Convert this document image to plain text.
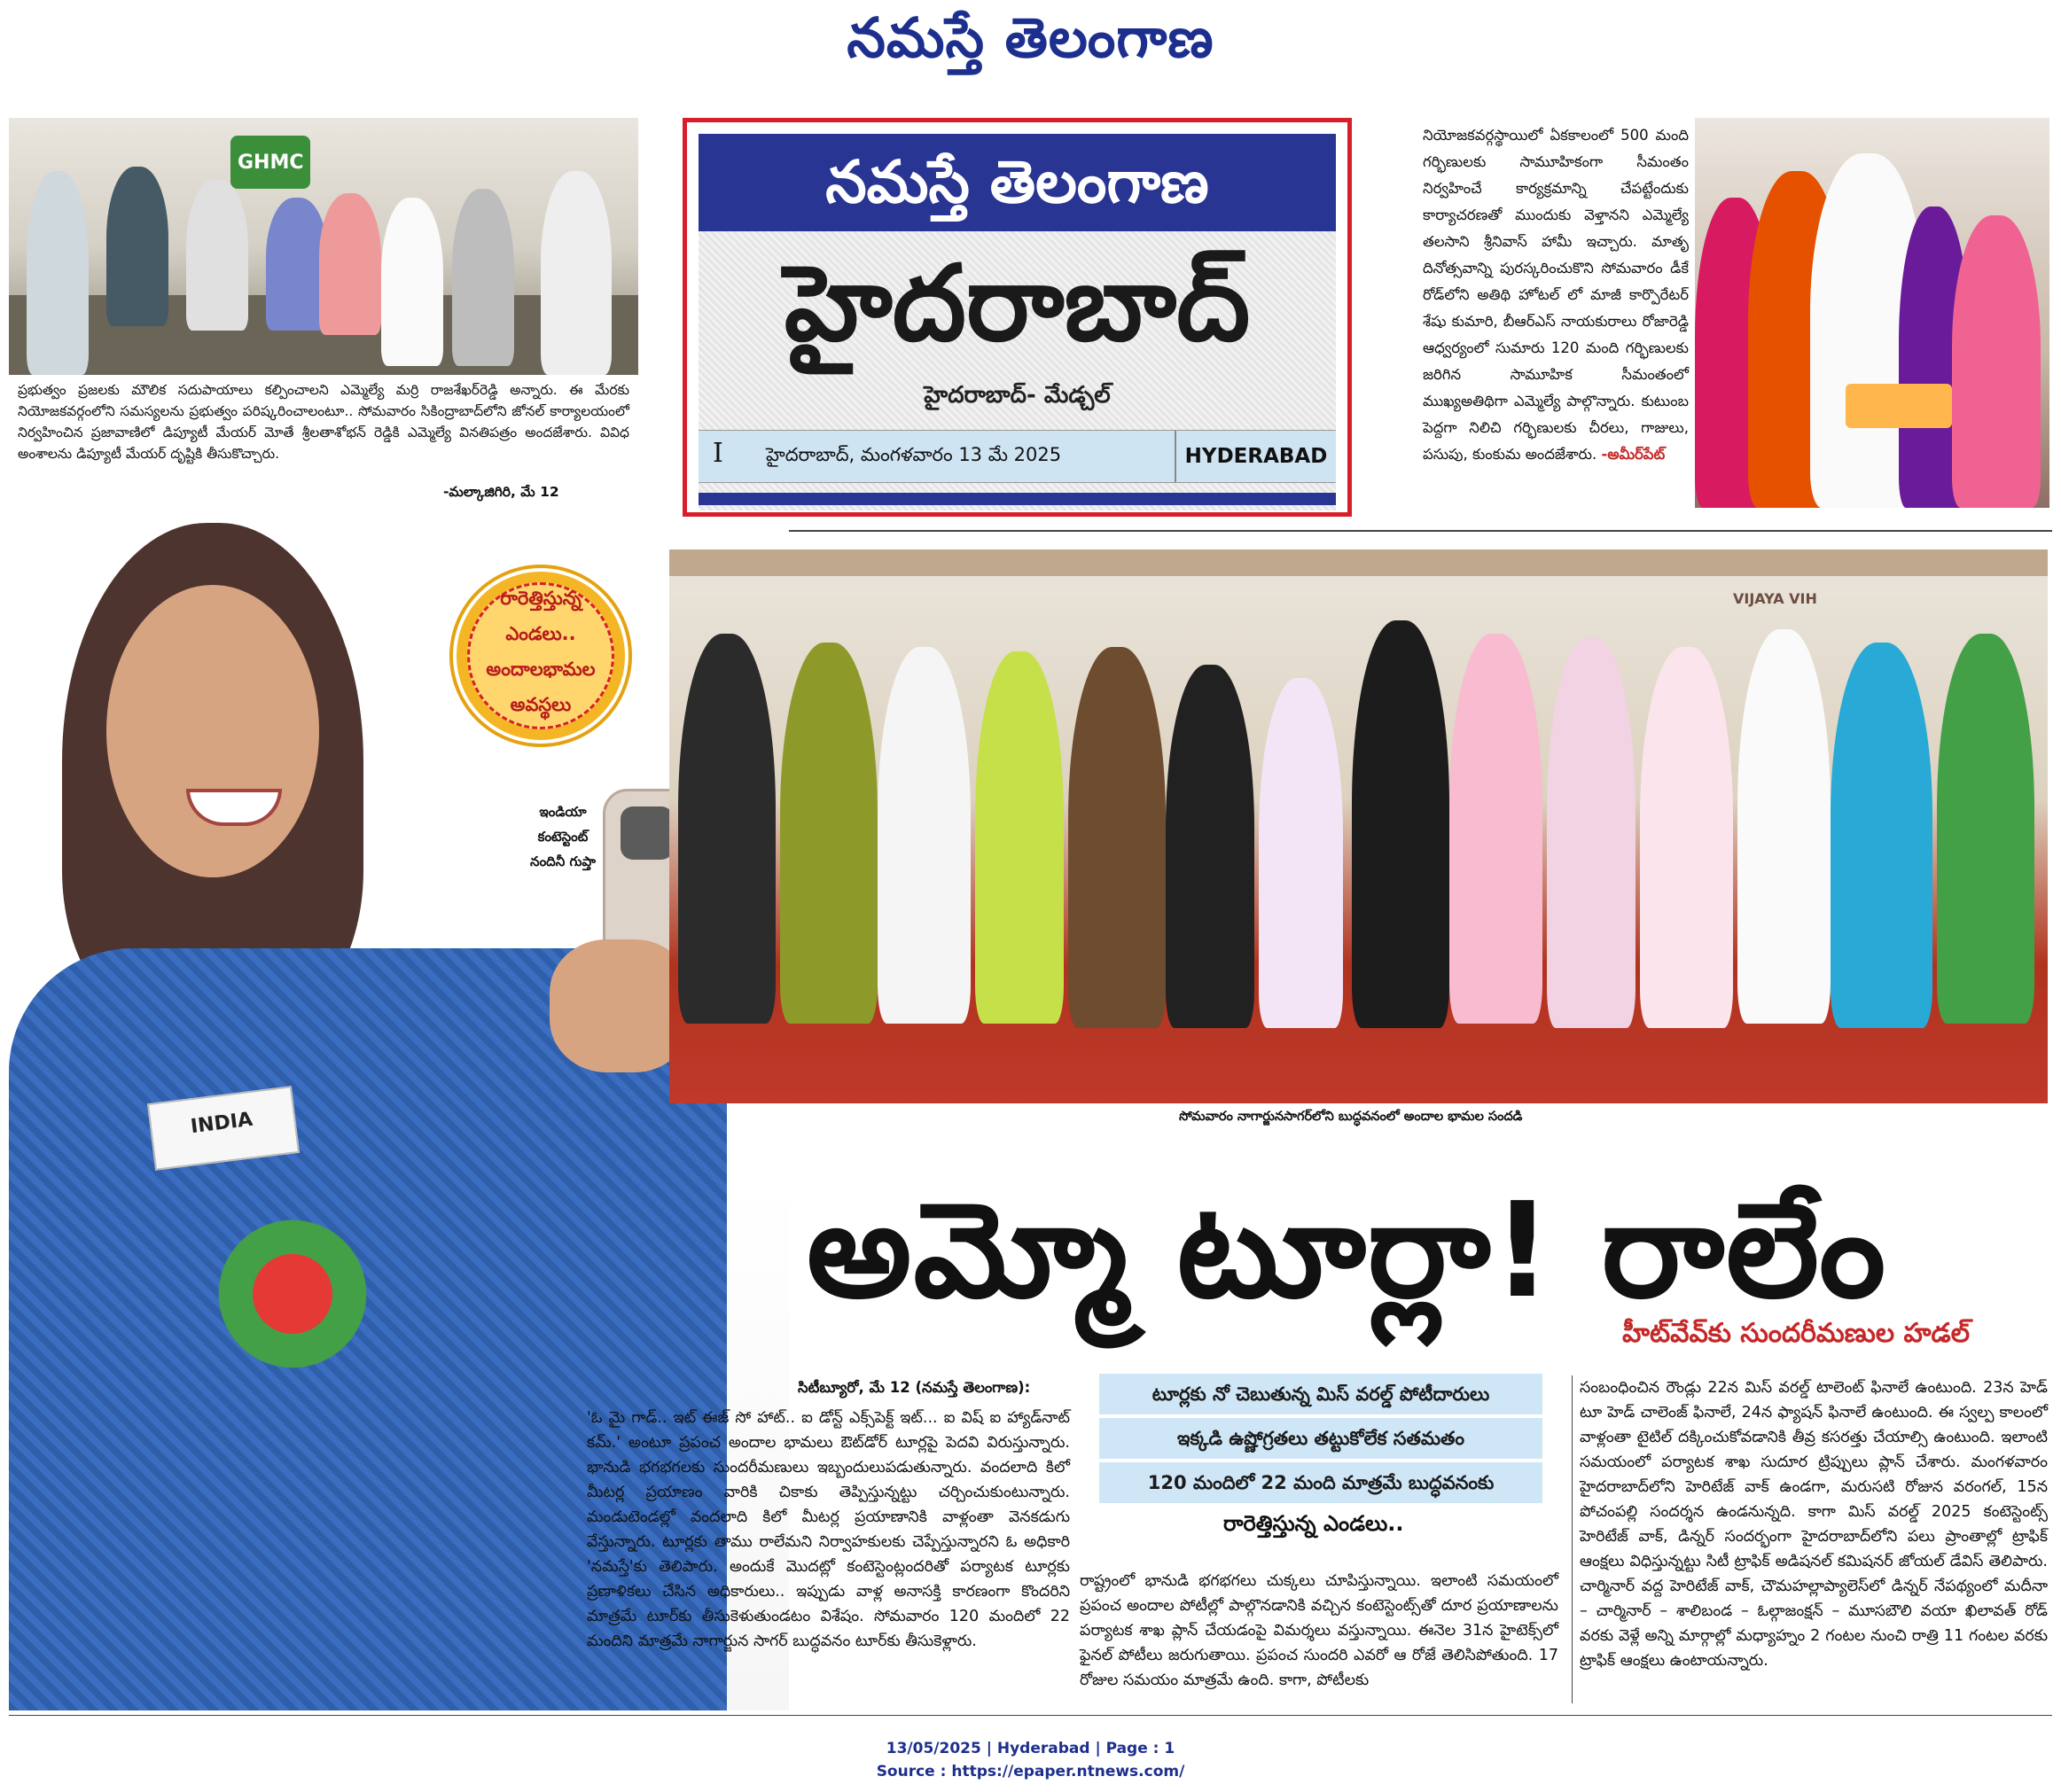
నమస్తే తెలంగాణ
GHMC
ప్రభుత్వం ప్రజలకు మౌలిక సదుపాయాలు కల్పించాలని ఎమ్మెల్యే మర్రి రాజశేఖర్‌రెడ్డి అన్నారు. ఈ మేరకు నియోజకవర్గంలోని సమస్యలను ప్రభుత్వం పరిష్కరించాలంటూ.. సోమవారం సికింద్రాబాద్‌లోని జోనల్ కార్యాలయంలో నిర్వహించిన ప్రజావాణిలో డిప్యూటీ మేయర్ మోతే శ్రీలతాశోభన్ రెడ్డికి ఎమ్మెల్యే వినతిపత్రం అందజేశారు. వివిధ అంశాలను డిప్యూటీ మేయర్ దృష్టికి తీసుకొచ్చారు.
-మల్కాజిగిరి, మే 12
నమస్తే తెలంగాణ
హైదరాబాద్
హైదరాబాద్- మేడ్చల్
I హైదరాబాద్, మంగళవారం 13 మే 2025	HYDERABAD
నియోజకవర్గస్థాయిలో ఏకకాలంలో 500 మంది గర్భిణులకు సామూహికంగా సీమంతం నిర్వహించే కార్యక్రమాన్ని చేపట్టేందుకు కార్యాచరణతో ముందుకు వెళ్తానని ఎమ్మెల్యే తలసాని శ్రీనివాస్ హామీ ఇచ్చారు. మాతృ దినోత్సవాన్ని పురస్కరించుకొని సోమవారం డీకే రోడ్‌లోని అతిథి హోటల్ లో మాజీ కార్పొరేటర్ శేషు కుమారి, బీఆర్‌ఎస్ నాయకురాలు రోజారెడ్డి ఆధ్వర్యంలో సుమారు 120 మంది గర్భిణులకు జరిగిన సామూహిక సీమంతంలో ముఖ్యఅతిథిగా ఎమ్మెల్యే పాల్గొన్నారు. కుటుంబ పెద్దగా నిలిచి గర్భిణులకు చీరలు, గాజులు, పసుపు, కుంకుమ అందజేశారు. -అమీర్‌పేట్
INDIA
ఇండియా
కంటెస్టెంట్
నందినీ గుప్తా
రారెత్తిస్తున్న
ఎండలు..
అందాలభామల
అవస్థలు
VIJAYA VIH
సోమవారం నాగార్జునసాగర్‌లోని బుద్ధవనంలో అందాల భామల సందడి
అమ్మో టూర్లా! రాలేం
హీట్‌వేవ్‌కు సుందరీమణుల హడల్
సిటీబ్యూరో, మే 12 (నమస్తే తెలంగాణ):
'ఓ మై గాడ్.. ఇట్ ఈజ్ సో హాట్.. ఐ డోన్ట్ ఎక్స్‌పెక్ట్ ఇట్... ఐ విష్ ఐ హ్యాడ్‌నాట్ కమ్.' అంటూ ప్రపంచ అందాల భామలు ఔట్‌డోర్ టూర్లపై పెదవి విరుస్తున్నారు. భానుడి భగభగలకు సుందరీమణులు ఇబ్బందులుపడుతున్నారు. వందలాది కిలో మీటర్ల ప్రయాణం వారికి చికాకు తెప్పిస్తున్నట్టు చర్చించుకుంటున్నారు. మండుటెండల్లో వందలాది కిలో మీటర్ల ప్రయాణానికి వాళ్లంతా వెనకడుగు వేస్తున్నారు. టూర్లకు తాము రాలేమని నిర్వాహకులకు చెప్పేస్తున్నారని ఓ అధికారి 'నమస్తే'కు తెలిపారు. అందుకే మొదట్లో కంటెస్టెంట్లందరితో పర్యాటక టూర్లకు ప్రణాళికలు చేసిన అధికారులు.. ఇప్పుడు వాళ్ల అనాసక్తి కారణంగా కొందరిని మాత్రమే టూర్‌కు తీసుకెళుతుండటం విశేషం. సోమవారం 120 మందిలో 22 మందిని మాత్రమే నాగార్జున సాగర్ బుద్ధవనం టూర్‌కు తీసుకెళ్లారు.
టూర్లకు నో చెబుతున్న మిస్ వరల్డ్ పోటీదారులు
ఇక్కడి ఉష్ణోగ్రతలు తట్టుకోలేక సతమతం
120 మందిలో 22 మంది మాత్రమే బుద్ధవనంకు
రారెత్తిస్తున్న ఎండలు..
రాష్ట్రంలో భానుడి భగభగలు చుక్కలు చూపిస్తున్నాయి. ఇలాంటి సమయంలో ప్రపంచ అందాల పోటీల్లో పాల్గొనడానికి వచ్చిన కంటెస్టెంట్స్‌తో దూర ప్రయాణాలను పర్యాటక శాఖ ప్లాన్ చేయడంపై విమర్శలు వస్తున్నాయి. ఈనెల 31న హైటెక్స్‌లో ఫైనల్ పోటీలు జరుగుతాయి. ప్రపంచ సుందరి ఎవరో ఆ రోజే తెలిసిపోతుంది. 17 రోజుల సమయం మాత్రమే ఉంది. కాగా, పోటీలకు
సంబంధించిన రౌండ్లు 22న మిస్ వరల్డ్ టాలెంట్ ఫినాలే ఉంటుంది. 23న హెడ్ టూ హెడ్ చాలెంజ్ ఫినాలే, 24న ఫ్యాషన్ ఫినాలే ఉంటుంది. ఈ స్వల్ప కాలంలో వాళ్లంతా టైటిల్ దక్కించుకోవడానికి తీవ్ర కసరత్తు చేయాల్సి ఉంటుంది. ఇలాంటి సమయంలో పర్యాటక శాఖ సుదూర ట్రిప్పులు ప్లాన్ చేశారు. మంగళవారం హైదరాబాద్‌లోని హెరిటేజ్ వాక్ ఉండగా, మరుసటి రోజున వరంగల్, 15న పోచంపల్లి సందర్శన ఉండనున్నది. కాగా మిస్ వరల్డ్ 2025 కంటెస్టెంట్స్ హెరిటేజ్ వాక్, డిన్నర్ సందర్భంగా హైదరాబాద్‌లోని పలు ప్రాంతాల్లో ట్రాఫిక్ ఆంక్షలు విధిస్తున్నట్టు సిటీ ట్రాఫిక్ అడిషనల్ కమిషనర్ జోయల్ డేవిస్ తెలిపారు. చార్మినార్ వద్ద హెరిటేజ్ వాక్, చౌమహల్లాప్యాలెస్‌లో డిన్నర్ నేపథ్యంలో మదీనా – చార్మినార్ – శాలిబండ – ఓల్గాజంక్షన్ – మూసబౌలి వయా ఖిలావత్ రోడ్ వరకు వెళ్లే అన్ని మార్గాల్లో మధ్యాహ్నం 2 గంటల నుంచి రాత్రి 11 గంటల వరకు ట్రాఫిక్ ఆంక్షలు ఉంటాయన్నారు.
13/05/2025 | Hyderabad | Page : 1
Source : https://epaper.ntnews.com/
